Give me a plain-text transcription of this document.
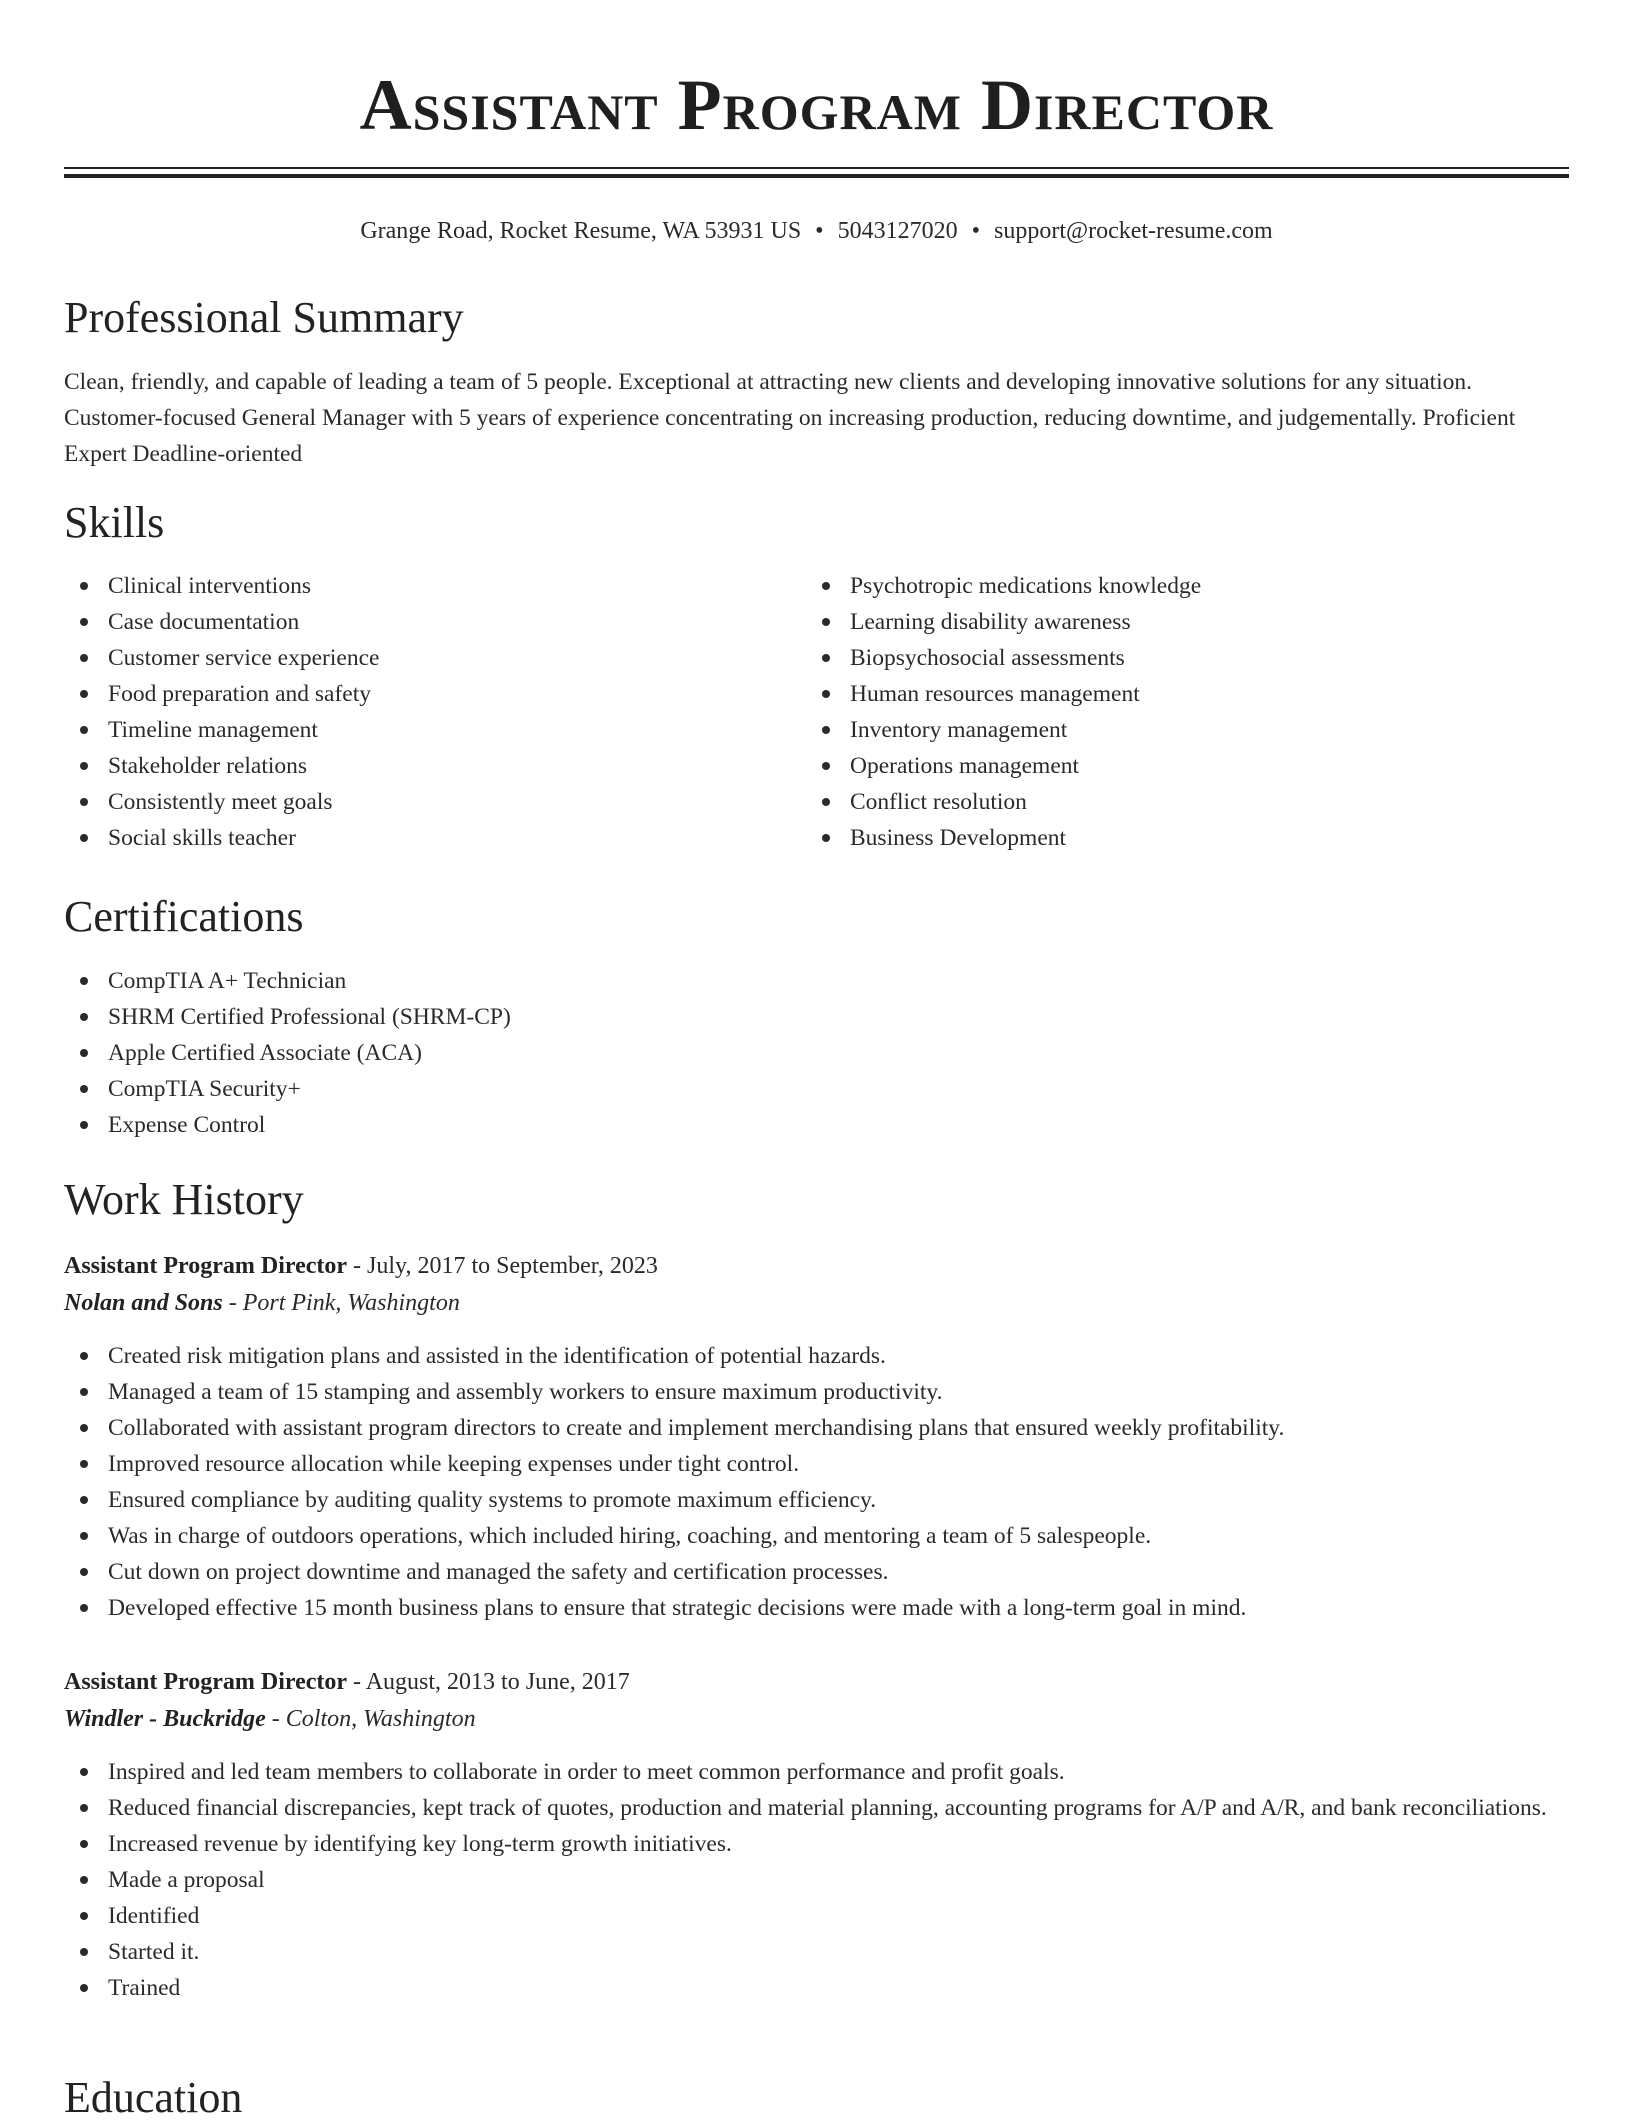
Assistant Program Director
Grange Road, Rocket Resume, WA 53931 US • 5043127020 • support@rocket-resume.com
Professional Summary

Clean, friendly, and capable of leading a team of 5 people. Exceptional at attracting new clients and developing innovative solutions for any situation. Customer-focused General Manager with 5 years of experience concentrating on increasing production, reducing downtime, and judgementally. Proficient Expert Deadline-oriented

Skills
Clinical interventions
Case documentation
Customer service experience
Food preparation and safety
Timeline management
Stakeholder relations
Consistently meet goals
Social skills teacher
Psychotropic medications knowledge
Learning disability awareness
Biopsychosocial assessments
Human resources management
Inventory management
Operations management
Conflict resolution
Business Development
Certifications
CompTIA A+ Technician
SHRM Certified Professional (SHRM-CP)
Apple Certified Associate (ACA)
CompTIA Security+
Expense Control
Work History

Assistant Program Director - July, 2017 to September, 2023

Nolan and Sons - Port Pink, Washington

Created risk mitigation plans and assisted in the identification of potential hazards.
Managed a team of 15 stamping and assembly workers to ensure maximum productivity.
Collaborated with assistant program directors to create and implement merchandising plans that ensured weekly profitability.
Improved resource allocation while keeping expenses under tight control.
Ensured compliance by auditing quality systems to promote maximum efficiency.
Was in charge of outdoors operations, which included hiring, coaching, and mentoring a team of 5 salespeople.
Cut down on project downtime and managed the safety and certification processes.
Developed effective 15 month business plans to ensure that strategic decisions were made with a long-term goal in mind.

Assistant Program Director - August, 2013 to June, 2017

Windler - Buckridge - Colton, Washington

Inspired and led team members to collaborate in order to meet common performance and profit goals.
Reduced financial discrepancies, kept track of quotes, production and material planning, accounting programs for A/P and A/R, and bank reconciliations.
Increased revenue by identifying key long-term growth initiatives.
Made a proposal
Identified
Started it.
Trained
Education
